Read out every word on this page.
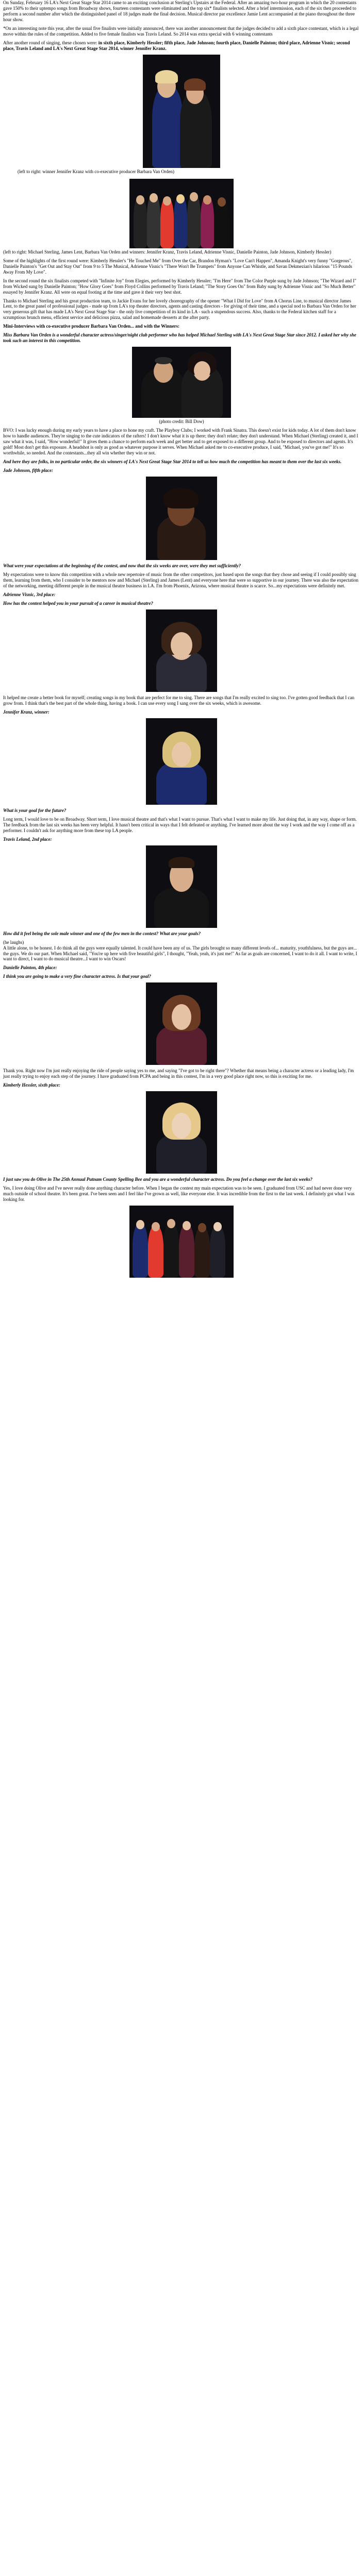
On Sunday, February 16 LA's Next Great Stage Star 2014 came to an exciting conclusion at Sterling's Upstairs at the Federal. After an amazing two-hour program in which the 20 contestants gave 150% to their uptempo songs from Broadway shows, fourteen contestants were eliminated and the top six* finalists selected. After a brief intermission, each of the six then proceeded to perform a second number after which the distinguished panel of 18 judges made the final decision. Musical director par excellence Jamie Lent accompanied at the piano throughout the three hour show.

*On an interesting note this year, after the usual five finalists were initially announced, there was another announcement that the judges decided to add a sixth place contestant, which is a legal move within the rules of the competition. Added to five female finalists was Travis Leland. So 2014 was extra special with 6 winning contestants

After another round of singing, these chosen were: in sixth place, Kimberly Hessler; fifth place, Jade Johnson; fourth place, Danielle Painton; third place, Adrienne Visnic; second place, Travis Leland and LA's Next Great Stage Star 2014, winner Jennifer Kranz.

(left to right: winner Jennifer Kranz with co-executive producer Barbara Van Orden)

(left to right: Michael Sterling, James Lent, Barbara Van Orden and winners: Jennifer Kranz, Travis Leland, Adrienne Visnic, Danielle Painton, Jade Johnson, Kimberly Hessler)

Some of the highlights of the first round were: Kimberly Hessler's "He Touched Me" from Over the Car, Brandon Hyman's "Love Can't Happen", Amanda Knight's very funny "Gorgeous", Danielle Painton's "Get Out and Stay Out" from 9 to 5 The Musical, Adrienne Visnic's "There Won't Be Trumpets" from Anyone Can Whistle, and Savan Dekmezian's hilarious "15 Pounds Away From My Love".

In the second round the six finalists competed with "Infinite Joy" from Elegies, performed by Kimberly Hessler; "I'm Here" from The Color Purple sung by Jade Johnson; "The Wizard and I" from Wicked sung by Danielle Painton; "How Glory Goes" from Floyd Collins performed by Travis Leland; "The Story Goes On" from Baby sung by Adrienne Visnic and "So Much Better" essayed by Jennifer Kranz. All were on equal footing at the time and gave it their very best shot.

Thanks to Michael Sterling and his great production team, to Jackie Evans for her lovely choreography of the opener "What I Did for Love" from A Chorus Line, to musical director James Lent, to the great panel of professional judges - made up from LA's top theater directors, agents and casting directors - for giving of their time, and a special nod to Barbara Van Orden for her very generous gift that has made LA's Next Great Stage Star - the only live competition of its kind in LA - such a stupendous success. Also, thanks to the Federal kitchen staff for a scrumptious brunch menu, efficient service and delicious pizza, salad and homemade desserts at the after party.

Mini-Interviews with co-executive producer Barbara Van Orden... and with the Winners:

Miss Barbara Van Orden is a wonderful character actress/singer/night club performer who has helped Michael Sterling with LA's Next Great Stage Star since 2012. I asked her why she took such an interest in this competition.

(photo credit: Bill Dow)

BVO: I was lucky enough during my early years to have a place to hone my craft. The Playboy Clubs; I worked with Frank Sinatra. This doesn't exist for kids today. A lot of them don't know how to handle audiences. They're singing to the cute indicators of the rafters! I don't know what it is up there; they don't relate; they don't understand. When Michael (Sterling) created it, and I saw what it was, I said, "How wonderful!" It gives them a chance to perform each week and get better and to get exposed to a different group. And to be exposed to directors and agents. It's gold! Most don't get this exposure. A headshot is only as good as whatever purpose it serves. When Michael asked me to co-executive produce, I said, "Michael, you've got me!" It's so worthwhile, so needed. And the contestants...they all win whether they win or not.

And here they are folks, in no particular order, the six winners of LA's Next Great Stage Star 2014 to tell us how much the competition has meant to them over the last six weeks.

Jade Johnson, fifth place:

What were your expectations at the beginning of the contest, and now that the six weeks are over, were they met sufficiently?

My expectations were to know this competition with a whole new repertoire of music from the other competitors, just based upon the songs that they chose and seeing if I could possibly sing them, learning from them, who I consider to be mentors now and Michael (Sterling) and James (Lent) and everyone here that were so supportive in our journey. There was also the expectation of the networking, meeting different people in the musical theatre business in LA. I'm from Phoenix, Arizona, where musical theatre is scarce. So...my expectations were definitely met.

Adrienne Visnic, 3rd place:

How has the contest helped you in your pursuit of a career in musical theatre?

It helped me create a better book for myself; creating songs in my book that are perfect for me to sing. There are songs that I'm really excited to sing too. I've gotten good feedback that I can grow from. I think that's the best part of the whole thing, having a book. I can use every song I sang over the six weeks, which is awesome.

Jennifer Kranz, winner:

What is your goal for the future?

Long term, I would love to be on Broadway. Short term, I love musical theatre and that's what I want to pursue. That's what I want to make my life. Just doing that, in any way, shape or form. The feedback from the last six weeks has been very helpful. It hasn't been critical in ways that I felt defeated or anything. I've learned more about the way I work and the way I come off as a performer. I couldn't ask for anything more from these top LA people.

Travis Leland, 2nd place:

How did it feel being the sole male winner and one of the few men in the contest? What are your goals?

(he laughs)
A little alone, to be honest. I do think all the guys were equally talented. It could have been any of us. The girls brought so many different levels of... maturity, youthfulness, but the guys are... the guys. We do our part. When Michael said, "You're up here with five beautiful girls", I thought, "Yeah, yeah, it's just me!" As far as goals are concerned, I want to do it all. I want to write, I want to direct, I want to do musical theatre...I want to win Oscars!

Danielle Painton, 4th place:

I think you are going to make a very fine character actress. Is that your goal?

Thank you. Right now I'm just really enjoying the ride of people saying yes to me, and saying "I've got to be right there"? Whether that means being a character actress or a leading lady, I'm just really trying to enjoy each step of the journey. I have graduated from PCPA and being in this contest, I'm in a very good place right now, so this is exciting for me.

Kimberly Hessler, sixth place:

I just saw you do Olive in The 25th Annual Putnam County Spelling Bee and you are a wonderful character actress. Do you feel a change over the last six weeks?

Yes, I love doing Olive and I've never really done anything character before. When I began the contest my main expectation was to be seen. I graduated from USC and had never done very much outside of school theatre. It's been great. I've been seen and I feel like I've grown as well, like everyone else. It was incredible from the first to the last week. I definitely got what I was looking for.
